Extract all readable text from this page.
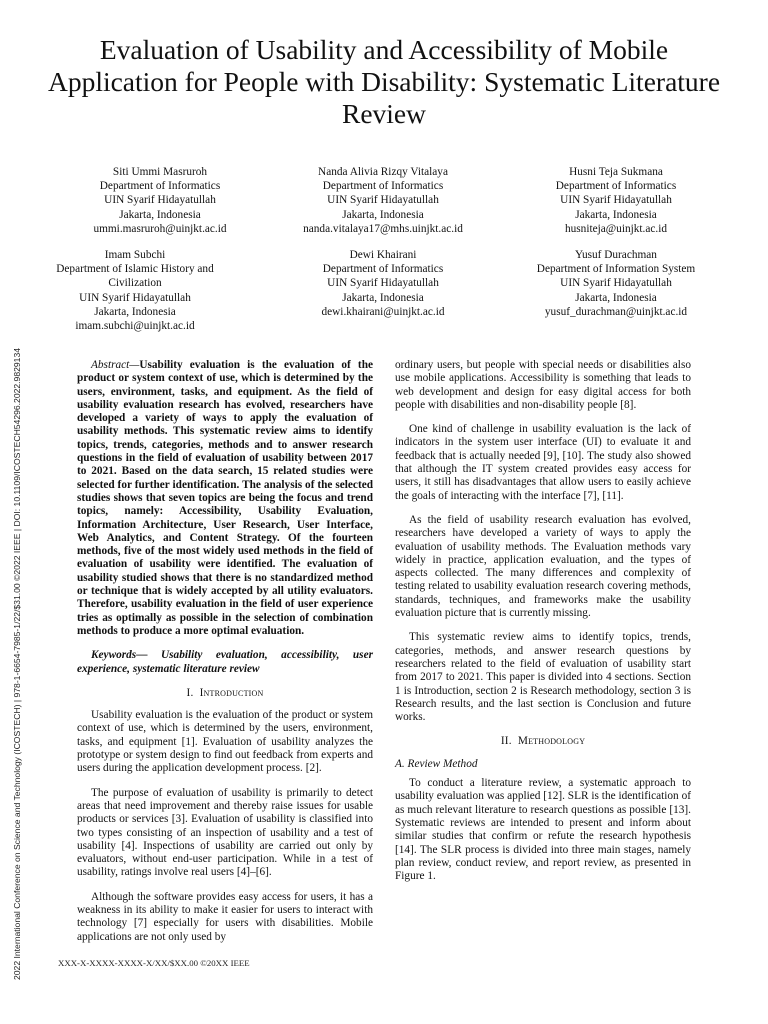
Evaluation of Usability and Accessibility of Mobile Application for People with Disability: Systematic Literature Review
Siti Ummi Masruroh
Department of Informatics
UIN Syarif Hidayatullah
Jakarta, Indonesia
ummi.masruroh@uinjkt.ac.id
Nanda Alivia Rizqy Vitalaya
Department of Informatics
UIN Syarif Hidayatullah
Jakarta, Indonesia
nanda.vitalaya17@mhs.uinjkt.ac.id
Husni Teja Sukmana
Department of Informatics
UIN Syarif Hidayatullah
Jakarta, Indonesia
husniteja@uinjkt.ac.id
Imam Subchi
Department of Islamic History and Civilization
UIN Syarif Hidayatullah
Jakarta, Indonesia
imam.subchi@uinjkt.ac.id
Dewi Khairani
Department of Informatics
UIN Syarif Hidayatullah
Jakarta, Indonesia
dewi.khairani@uinjkt.ac.id
Yusuf Durachman
Department of Information System
UIN Syarif Hidayatullah
Jakarta, Indonesia
yusuf_durachman@uinjkt.ac.id
2022 International Conference on Science and Technology (ICOSTECH) | 978-1-6654-7985-1/22/$31.00 ©2022 IEEE | DOI: 10.1109/ICOSTECH54296.2022.9829134	Abstract—Usability evaluation is the evaluation of the product or system context of use, which is determined by the users, environment, tasks, and equipment. As the field of usability evaluation research has evolved, researchers have developed a variety of ways to apply the evaluation of usability methods. This systematic review aims to identify topics, trends, categories, methods and to answer research questions in the field of evaluation of usability between 2017 to 2021. Based on the data search, 15 related studies were selected for further identification. The analysis of the selected studies shows that seven topics are being the focus and trend topics, namely: Accessibility, Usability Evaluation, Information Architecture, User Research, User Interface, Web Analytics, and Content Strategy. Of the fourteen methods, five of the most widely used methods in the field of evaluation of usability were identified. The evaluation of usability studied shows that there is no standardized method or technique that is widely accepted by all utility evaluators. Therefore, usability evaluation in the field of user experience tries as optimally as possible in the selection of combination methods to produce a more optimal evaluation.

Keywords— Usability evaluation, accessibility, user experience, systematic literature review

I. Introduction

Usability evaluation is the evaluation of the product or system context of use, which is determined by the users, environment, tasks, and equipment [1]. Evaluation of usability analyzes the prototype or system design to find out feedback from experts and users during the application development process. [2].

The purpose of evaluation of usability is primarily to detect areas that need improvement and thereby raise issues for usable products or services [3]. Evaluation of usability is classified into two types consisting of an inspection of usability and a test of usability [4]. Inspections of usability are carried out only by evaluators, without end-user participation. While in a test of usability, ratings involve real users [4]–[6].

Although the software provides easy access for users, it has a weakness in its ability to make it easier for users to interact with technology [7] especially for users with disabilities. Mobile applications are not only used by

ordinary users, but people with special needs or disabilities also use mobile applications. Accessibility is something that leads to web development and design for easy digital access for both people with disabilities and non-disability people [8].

One kind of challenge in usability evaluation is the lack of indicators in the system user interface (UI) to evaluate it and feedback that is actually needed [9], [10]. The study also showed that although the IT system created provides easy access for users, it still has disadvantages that allow users to easily achieve the goals of interacting with the interface [7], [11].

As the field of usability research evaluation has evolved, researchers have developed a variety of ways to apply the evaluation of usability methods. The Evaluation methods vary widely in practice, application evaluation, and the types of aspects collected. The many differences and complexity of testing related to usability evaluation research covering methods, standards, techniques, and frameworks make the usability evaluation picture that is currently missing.

This systematic review aims to identify topics, trends, categories, methods, and answer research questions by researchers related to the field of evaluation of usability start from 2017 to 2021. This paper is divided into 4 sections. Section 1 is Introduction, section 2 is Research methodology, section 3 is Research results, and the last section is Conclusion and future works.

II. Methodology
A. Review Method

To conduct a literature review, a systematic approach to usability evaluation was applied [12]. SLR is the identification of as much relevant literature to research questions as possible [13]. Systematic reviews are intended to present and inform about similar studies that confirm or refute the research hypothesis [14]. The SLR process is divided into three main stages, namely plan review, conduct review, and report review, as presented in Figure 1.

XXX-X-XXXX-XXXX-X/XX/$XX.00 ©20XX IEEE
